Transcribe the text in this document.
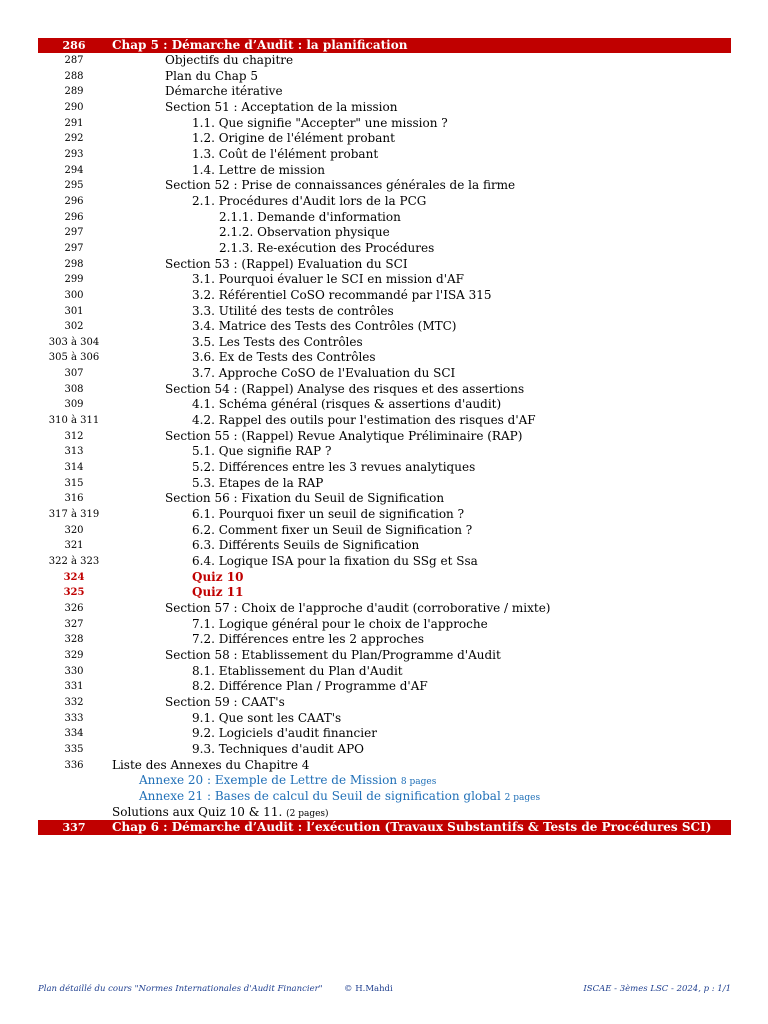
286	Chap 5 : Démarche d’Audit : la planification
287	Objectifs du chapitre
288	Plan du Chap 5
289	Démarche itérative
290	Section 51 : Acceptation de la mission
291	1.1. Que signifie "Accepter" une mission ?
292	1.2. Origine de l'élément probant
293	1.3. Coût de l'élément probant
294	1.4. Lettre de mission
295	Section 52 : Prise de connaissances générales de la firme
296	2.1. Procédures d'Audit lors de la PCG
296	2.1.1. Demande d'information
297	2.1.2. Observation physique
297	2.1.3. Re-exécution des Procédures
298	Section 53 : (Rappel) Evaluation du SCI
299	3.1. Pourquoi évaluer le SCI en mission d'AF
300	3.2. Référentiel CoSO recommandé par l'ISA 315
301	3.3. Utilité des tests de contrôles
302	3.4. Matrice des Tests des Contrôles (MTC)
303 à 304	3.5. Les Tests des Contrôles
305 à 306	3.6. Ex de Tests des Contrôles
307	3.7. Approche CoSO de l'Evaluation du SCI
308	Section 54 : (Rappel) Analyse des risques et des assertions
309	4.1. Schéma général (risques & assertions d'audit)
310 à 311	4.2. Rappel des outils pour l'estimation des risques d'AF
312	Section 55 : (Rappel) Revue Analytique Préliminaire (RAP)
313	5.1. Que signifie RAP ?
314	5.2. Différences entre les 3 revues analytiques
315	5.3. Etapes de la RAP
316	Section 56 : Fixation du Seuil de Signification
317 à 319	6.1. Pourquoi fixer un seuil de signification ?
320	6.2. Comment fixer un Seuil de Signification ?
321	6.3. Différents Seuils de Signification
322 à 323	6.4. Logique ISA pour la fixation du SSg et Ssa
324	Quiz 10
325	Quiz 11
326	Section 57 : Choix de l'approche d'audit (corroborative / mixte)
327	7.1. Logique général pour le choix de l'approche
328	7.2. Différences entre les 2 approches
329	Section 58 : Etablissement du Plan/Programme d'Audit
330	8.1. Etablissement du Plan d'Audit
331	8.2. Différence Plan / Programme d'AF
332	Section 59 : CAAT's
333	9.1. Que sont les CAAT's
334	9.2. Logiciels d'audit financier
335	9.3. Techniques d'audit APO
336	Liste des Annexes du Chapitre 4
Annexe 20 : Exemple de Lettre de Mission 8 pages
Annexe 21 : Bases de calcul du Seuil de signification global 2 pages
Solutions aux Quiz 10 & 11. (2 pages)
337	Chap 6 : Démarche d’Audit : l’exécution (Travaux Substantifs & Tests de Procédures SCI)
Plan détaillé du cours "Normes Internationales d'Audit Financier"	© H.Mahdi	ISCAE - 3èmes LSC - 2024, p : 1/1
